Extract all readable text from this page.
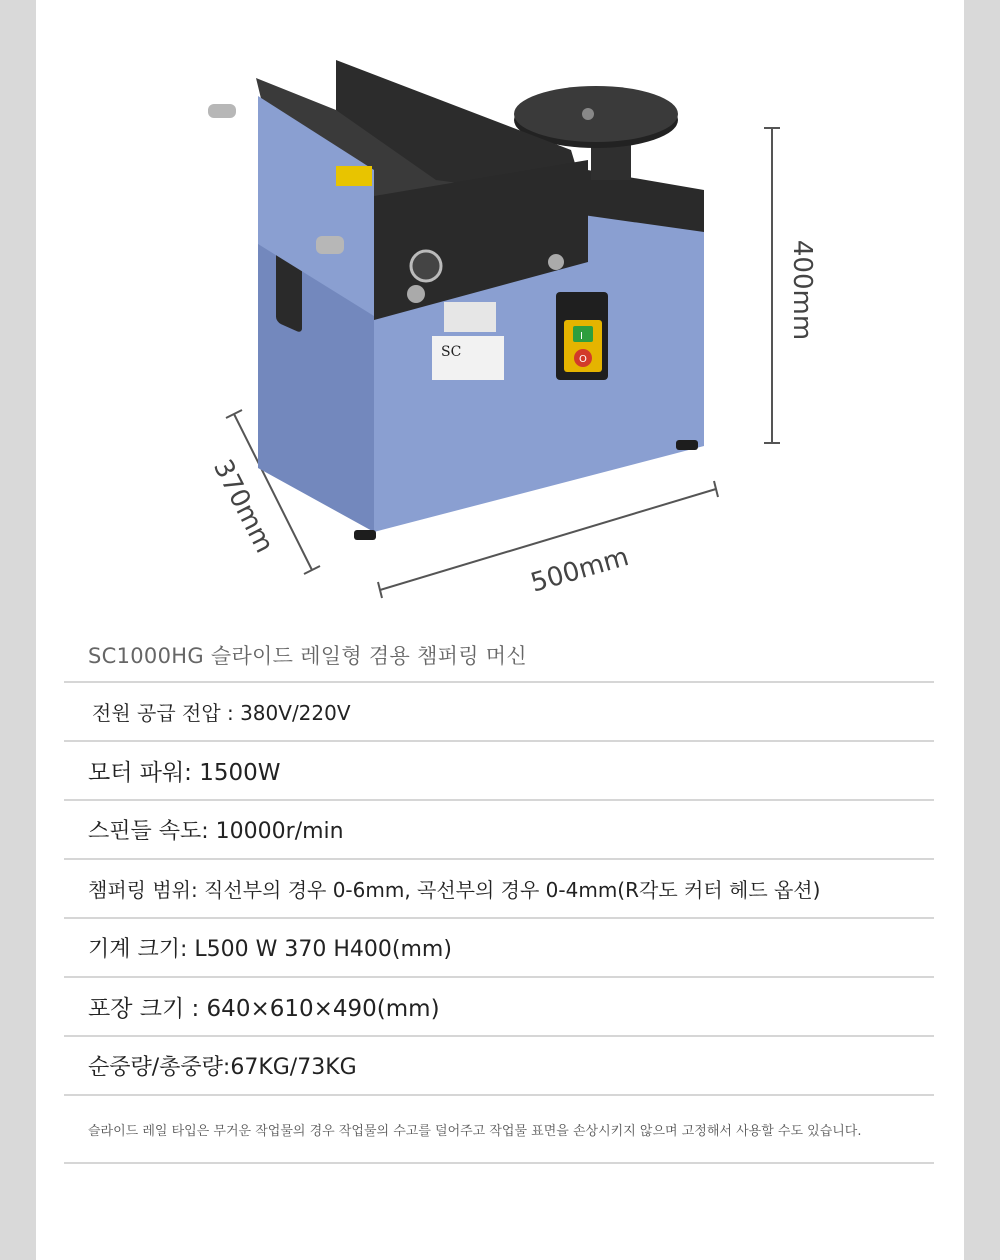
400mm
370mm
500mm
SC
I
O
SC1000HG 슬라이드 레일형 겸용 챔퍼링 머신
전원 공급 전압 : 380V/220V
모터 파워: 1500W
스핀들 속도: 10000r/min
챔퍼링 범위: 직선부의 경우 0-6mm, 곡선부의 경우 0-4mm(R각도 커터 헤드 옵션)
기계 크기: L500 W 370 H400(mm)
포장 크기 : 640×610×490(mm)
순중량/총중량:67KG/73KG
슬라이드 레일 타입은 무거운 작업물의 경우 작업물의 수고를 덜어주고 작업물 표면을 손상시키지 않으며 고정해서 사용할 수도 있습니다.
